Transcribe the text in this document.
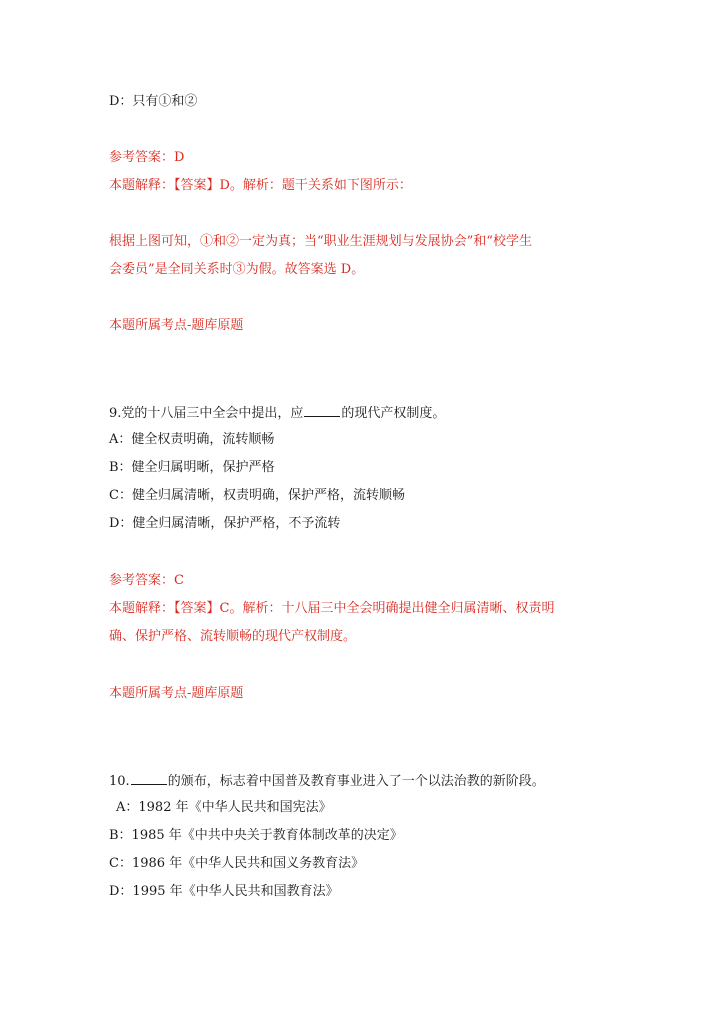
D：只有①和②
参考答案：D
本题解释：【答案】D。解析：题干关系如下图所示：
根据上图可知，①和②一定为真；当“职业生涯规划与发展协会”和“校学生
会委员”是全同关系时③为假。故答案选 D。
本题所属考点-题库原题
9.党的十八届三中全会中提出，应	的现代产权制度。
A：健全权责明确，流转顺畅
B：健全归属明晰，保护严格
C：健全归属清晰，权责明确，保护严格，流转顺畅
D：健全归属清晰，保护严格，不予流转
参考答案：C
本题解释：【答案】C。解析：十八届三中全会明确提出健全归属清晰、权责明
确、保护严格、流转顺畅的现代产权制度。
本题所属考点-题库原题
10.	的颁布，标志着中国普及教育事业进入了一个以法治教的新阶段。
A：1982 年《中华人民共和国宪法》
B：1985 年《中共中央关于教育体制改革的决定》
C：1986 年《中华人民共和国义务教育法》
D：1995 年《中华人民共和国教育法》
